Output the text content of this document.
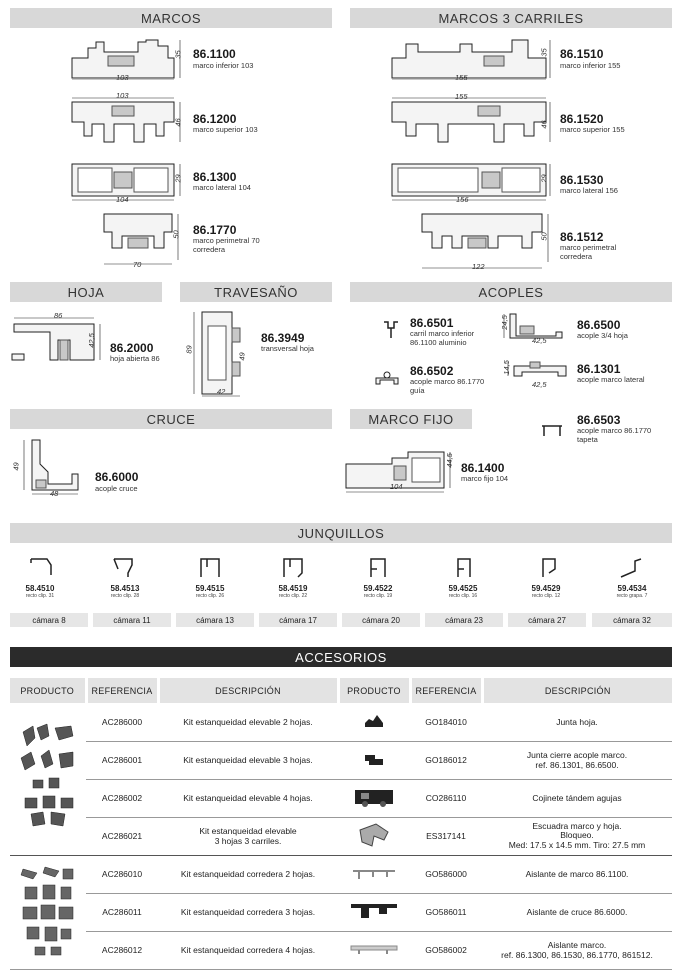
MARCOS	MARCOS 3 CARRILES
HOJA	TRAVESAÑO	ACOPLES
CRUCE	MARCO FIJO
JUNQUILLOS
ACCESORIOS
103
35 86.1100
marco inferior 103
103
46 86.1200
marco superior 103
104
29 86.1300
marco lateral 104
70
50 86.1770
marco perimetral 70 corredera
155
35 86.1510
marco inferior 155
155
46 86.1520
marco superior 155
156
29 86.1530
marco lateral 156
122
50 86.1512
marco perimetral corredera
86
42,5
86.2000
hoja abierta 86
89
49
42
86.3949
transversal hoja
86.6501
carril marco inferior 86.1100 aluminio
86.6502
acople marco 86.1770 guía
24,5
42,5
86.6500
acople 3/4 hoja
14,5
42,5
86.1301
acople marco lateral
86.6503
acople marco 86.1770 tapeta
49
48
86.6000
acople cruce	104
44,5
86.1400
marco fijo 104
58.4510
recto clip. 31
58.4513
recto clip. 28
59.4515
recto clip. 26
58.4519
recto clip. 22
59.4522
recto clip. 19
59.4525
recto clip. 16
59.4529
recto clip. 12
59.4534
recto grapa. 7
cámara 8	cámara 11	cámara 13	cámara 17	cámara 20	cámara 23	cámara 27	cámara 32
PRODUCTO	REFERENCIA	DESCRIPCIÓN	PRODUCTO	REFERENCIA	DESCRIPCIÓN
	AC286000	Kit estanqueidad elevable 2 hojas.		GO184010	Junta hoja.
	AC286001	Kit estanqueidad elevable 3 hojas.		GO186012	Junta cierre acople marco.
ref. 86.1301, 86.6500.
	AC286002	Kit estanqueidad elevable 4 hojas.		CO286110	Cojinete tándem agujas
	AC286021	Kit estanqueidad elevable
3 hojas 3 carriles.		ES317141	Escuadra marco y hoja.
Bloqueo.
Med: 17.5 x 14.5 mm. Tiro: 27.5 mm
	AC286010	Kit estanqueidad corredera 2 hojas.		GO586000	Aislante de marco 86.1100.
	AC286011	Kit estanqueidad corredera 3 hojas.		GO586011	Aislante de cruce 86.6000.
	AC286012	Kit estanqueidad corredera 4 hojas.		GO586002	Aislante marco.
ref. 86.1300, 86.1530, 86.1770, 861512.
